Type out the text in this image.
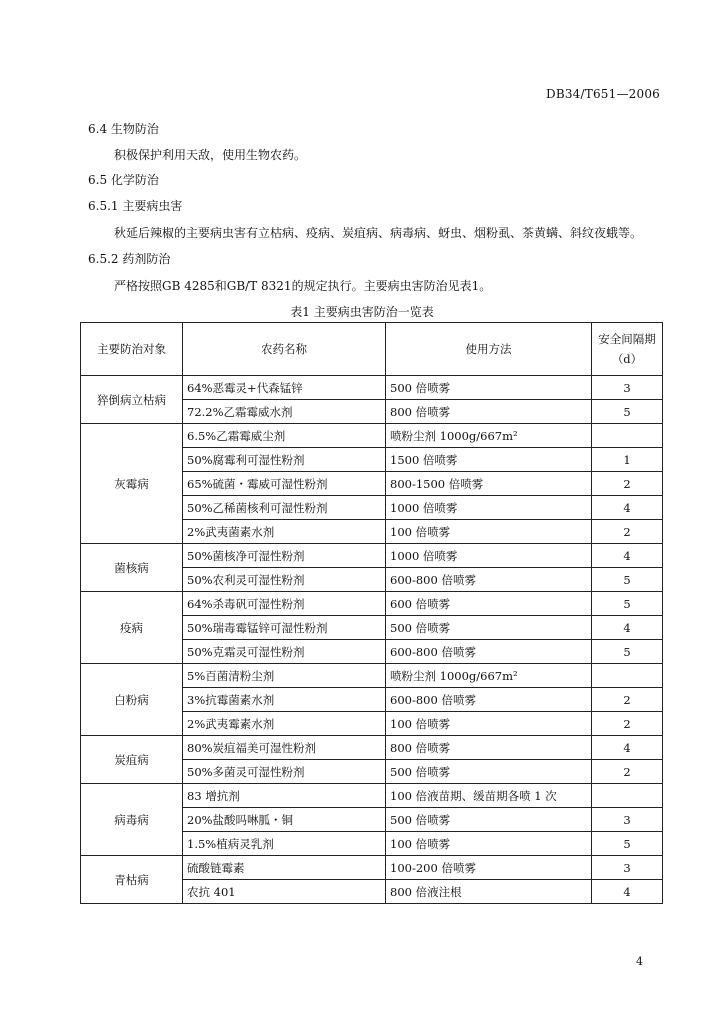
DB34/T651—2006
6.4 生物防治
积极保护利用天敌，使用生物农药。
6.5 化学防治
6.5.1 主要病虫害
秋延后辣椒的主要病虫害有立枯病、疫病、炭疽病、病毒病、蚜虫、烟粉虱、茶黄螨、斜纹夜蛾等。
6.5.2 药剂防治
严格按照GB 4285和GB/T 8321的规定执行。主要病虫害防治见表1。
表1 主要病虫害防治一览表
主要防治对象	农药名称	使用方法	安全间隔期（d）
猝倒病立枯病	64%恶霉灵+代森锰锌	500 倍喷雾	3
	72.2%乙霜霉威水剂	800 倍喷雾	5
灰霉病	6.5%乙霜霉威尘剂	喷粉尘剂 1000g/667m²	
	50%腐霉利可湿性粉剂	1500 倍喷雾	1
	65%硫菌・霉威可湿性粉剂	800-1500 倍喷雾	2
	50%乙稀菌核利可湿性粉剂	1000 倍喷雾	4
	2%武夷菌素水剂	100 倍喷雾	2
菌核病	50%菌核净可湿性粉剂	1000 倍喷雾	4
	50%农利灵可湿性粉剂	600-800 倍喷雾	5
疫病	64%杀毒矾可湿性粉剂	600 倍喷雾	5
	50%瑞毒霉锰锌可湿性粉剂	500 倍喷雾	4
	50%克霜灵可湿性粉剂	600-800 倍喷雾	5
白粉病	5%百菌清粉尘剂	喷粉尘剂 1000g/667m²	
	3%抗霉菌素水剂	600-800 倍喷雾	2
	2%武夷霉素水剂	100 倍喷雾	2
炭疽病	80%炭疽福美可湿性粉剂	800 倍喷雾	4
	50%多菌灵可湿性粉剂	500 倍喷雾	2
病毒病	83 增抗剂	100 倍液苗期、缓苗期各喷 1 次	
	20%盐酸吗啉胍・铜	500 倍喷雾	3
	1.5%植病灵乳剂	100 倍喷雾	5
青枯病	硫酸链霉素	100-200 倍喷雾	3
	农抗 401	800 倍液注根	4
4
